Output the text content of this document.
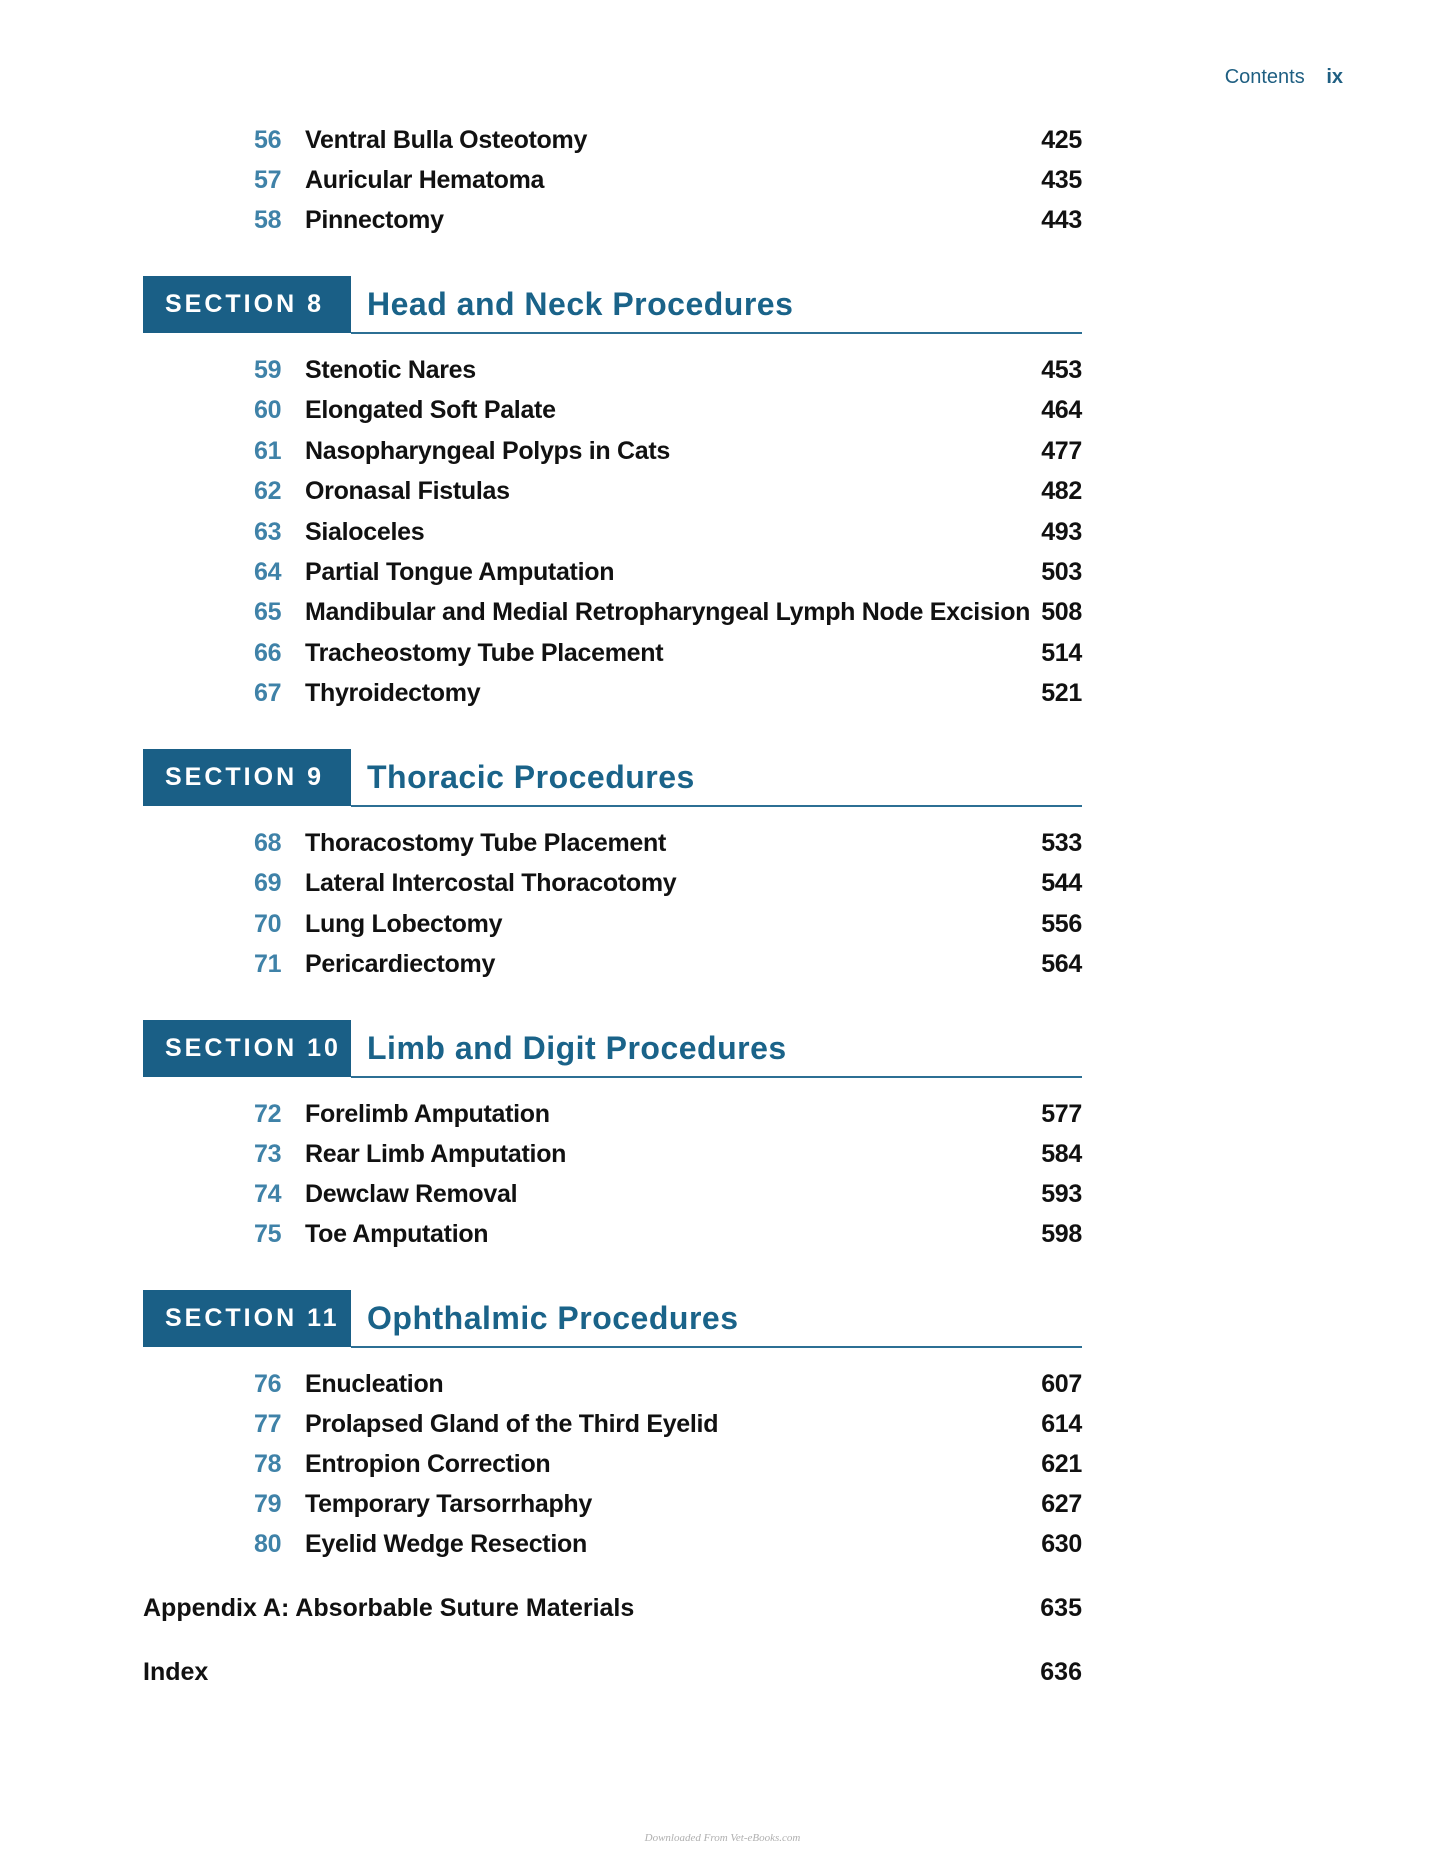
Contents ix
56 Ventral Bulla Osteotomy	425
57 Auricular Hematoma	435
58 Pinnectomy	443
SECTION 8	Head and Neck Procedures
59 Stenotic Nares	453
60 Elongated Soft Palate	464
61 Nasopharyngeal Polyps in Cats	477
62 Oronasal Fistulas	482
63 Sialoceles	493
64 Partial Tongue Amputation	503
65 Mandibular and Medial Retropharyngeal Lymph Node Excision 508
66 Tracheostomy Tube Placement	514
67 Thyroidectomy	521
SECTION 9	Thoracic Procedures
68 Thoracostomy Tube Placement	533
69 Lateral Intercostal Thoracotomy	544
70 Lung Lobectomy	556
71 Pericardiectomy	564
SECTION 10 Limb and Digit Procedures
72 Forelimb Amputation	577
73 Rear Limb Amputation	584
74 Dewclaw Removal	593
75 Toe Amputation	598
SECTION 11 Ophthalmic Procedures
76 Enucleation	607
77 Prolapsed Gland of the Third Eyelid	614
78 Entropion Correction	621
79 Temporary Tarsorrhaphy	627
80 Eyelid Wedge Resection	630
Appendix A: Absorbable Suture Materials	635
Index	636
Downloaded From Vet-eBooks.com
